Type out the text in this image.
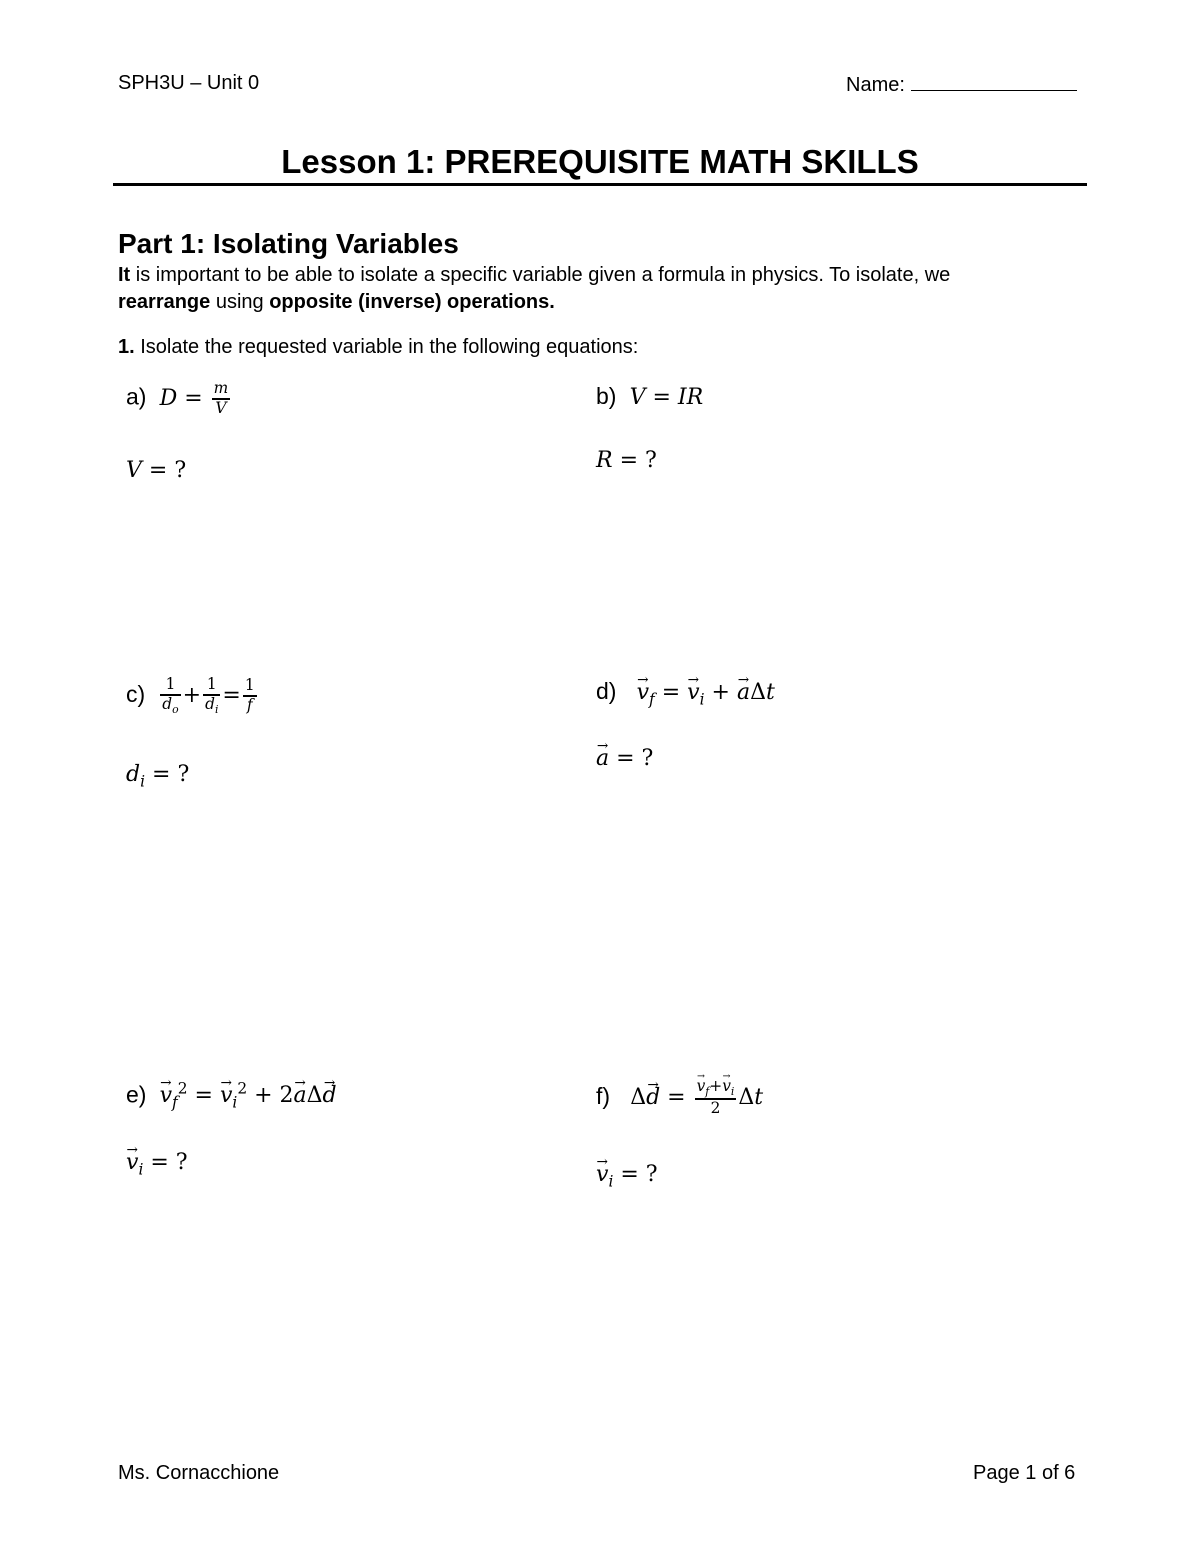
SPH3U – Unit 0	Name:
Lesson 1: PREREQUISITE MATH SKILLS
Part 1: Isolating Variables
It is important to be able to isolate a specific variable given a formula in physics. To isolate, we
rearrange using opposite (inverse) operations.
1. Isolate the requested variable in the following equations:
a)  $D = \frac{m}{V}$
V = ?
b)  V = IR
R = ?
$c) \frac{1}{d_o} + \frac{1}{d_i} = \frac{1}{f}$
$d_i$ = ?
$d) \to v_f$ = → $v_i$ + → aΔt
→ a = ?
$e) \to v_f^2$ = → $v_i^2 + 2\to a\Delta\to d$
→ $v_i$ = ?
f) Δ→ d = → $\frac{v_f+\to v_i}{2}$ Δt
→ $v_i$ = ?
Ms. Cornacchione	Page 1 of 6
